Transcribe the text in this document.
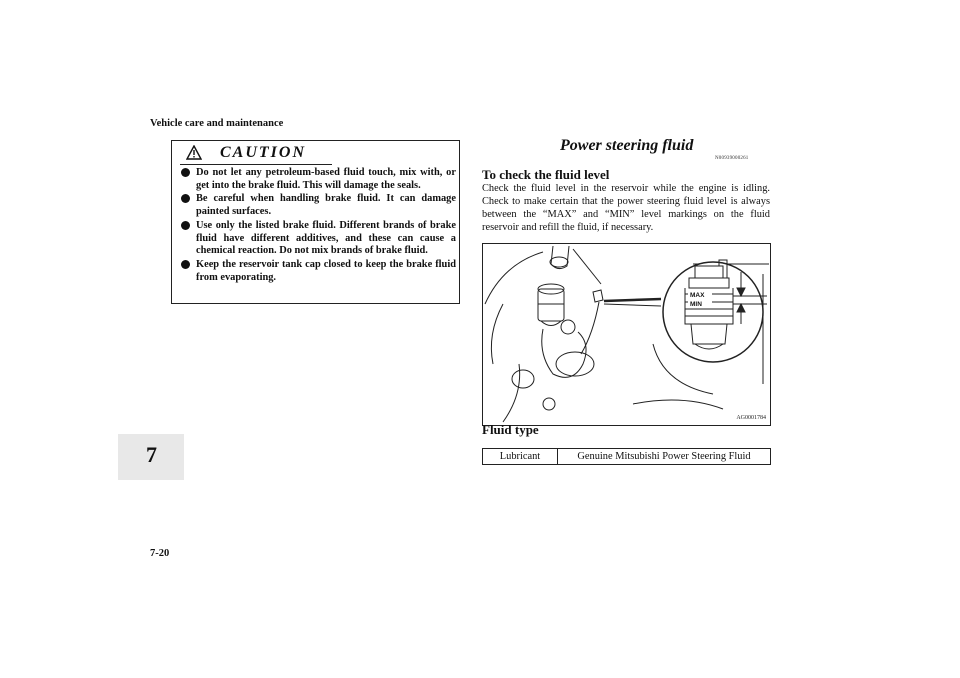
Vehicle care and maintenance
CAUTION
Do not let any petroleum-based fluid touch, mix with, or get into the brake fluid. This will damage the seals.
Be careful when handling brake fluid. It can damage painted surfaces.
Use only the listed brake fluid. Different brands of brake fluid have different additives, and these can cause a chemical reaction. Do not mix brands of brake fluid.
Keep the reservoir tank cap closed to keep the brake fluid from evaporating.
7
7-20
Power steering fluid
N00939000261
To check the fluid level

Check the fluid level in the reservoir while the engine is idling. Check to make certain that the power steering fluid level is always between the “MAX” and “MIN” level markings on the fluid reservoir and refill the fluid, if necessary.

MAX
MIN
AG0001784
Fluid type
Lubricant	Genuine Mitsubishi Power Steering Fluid
